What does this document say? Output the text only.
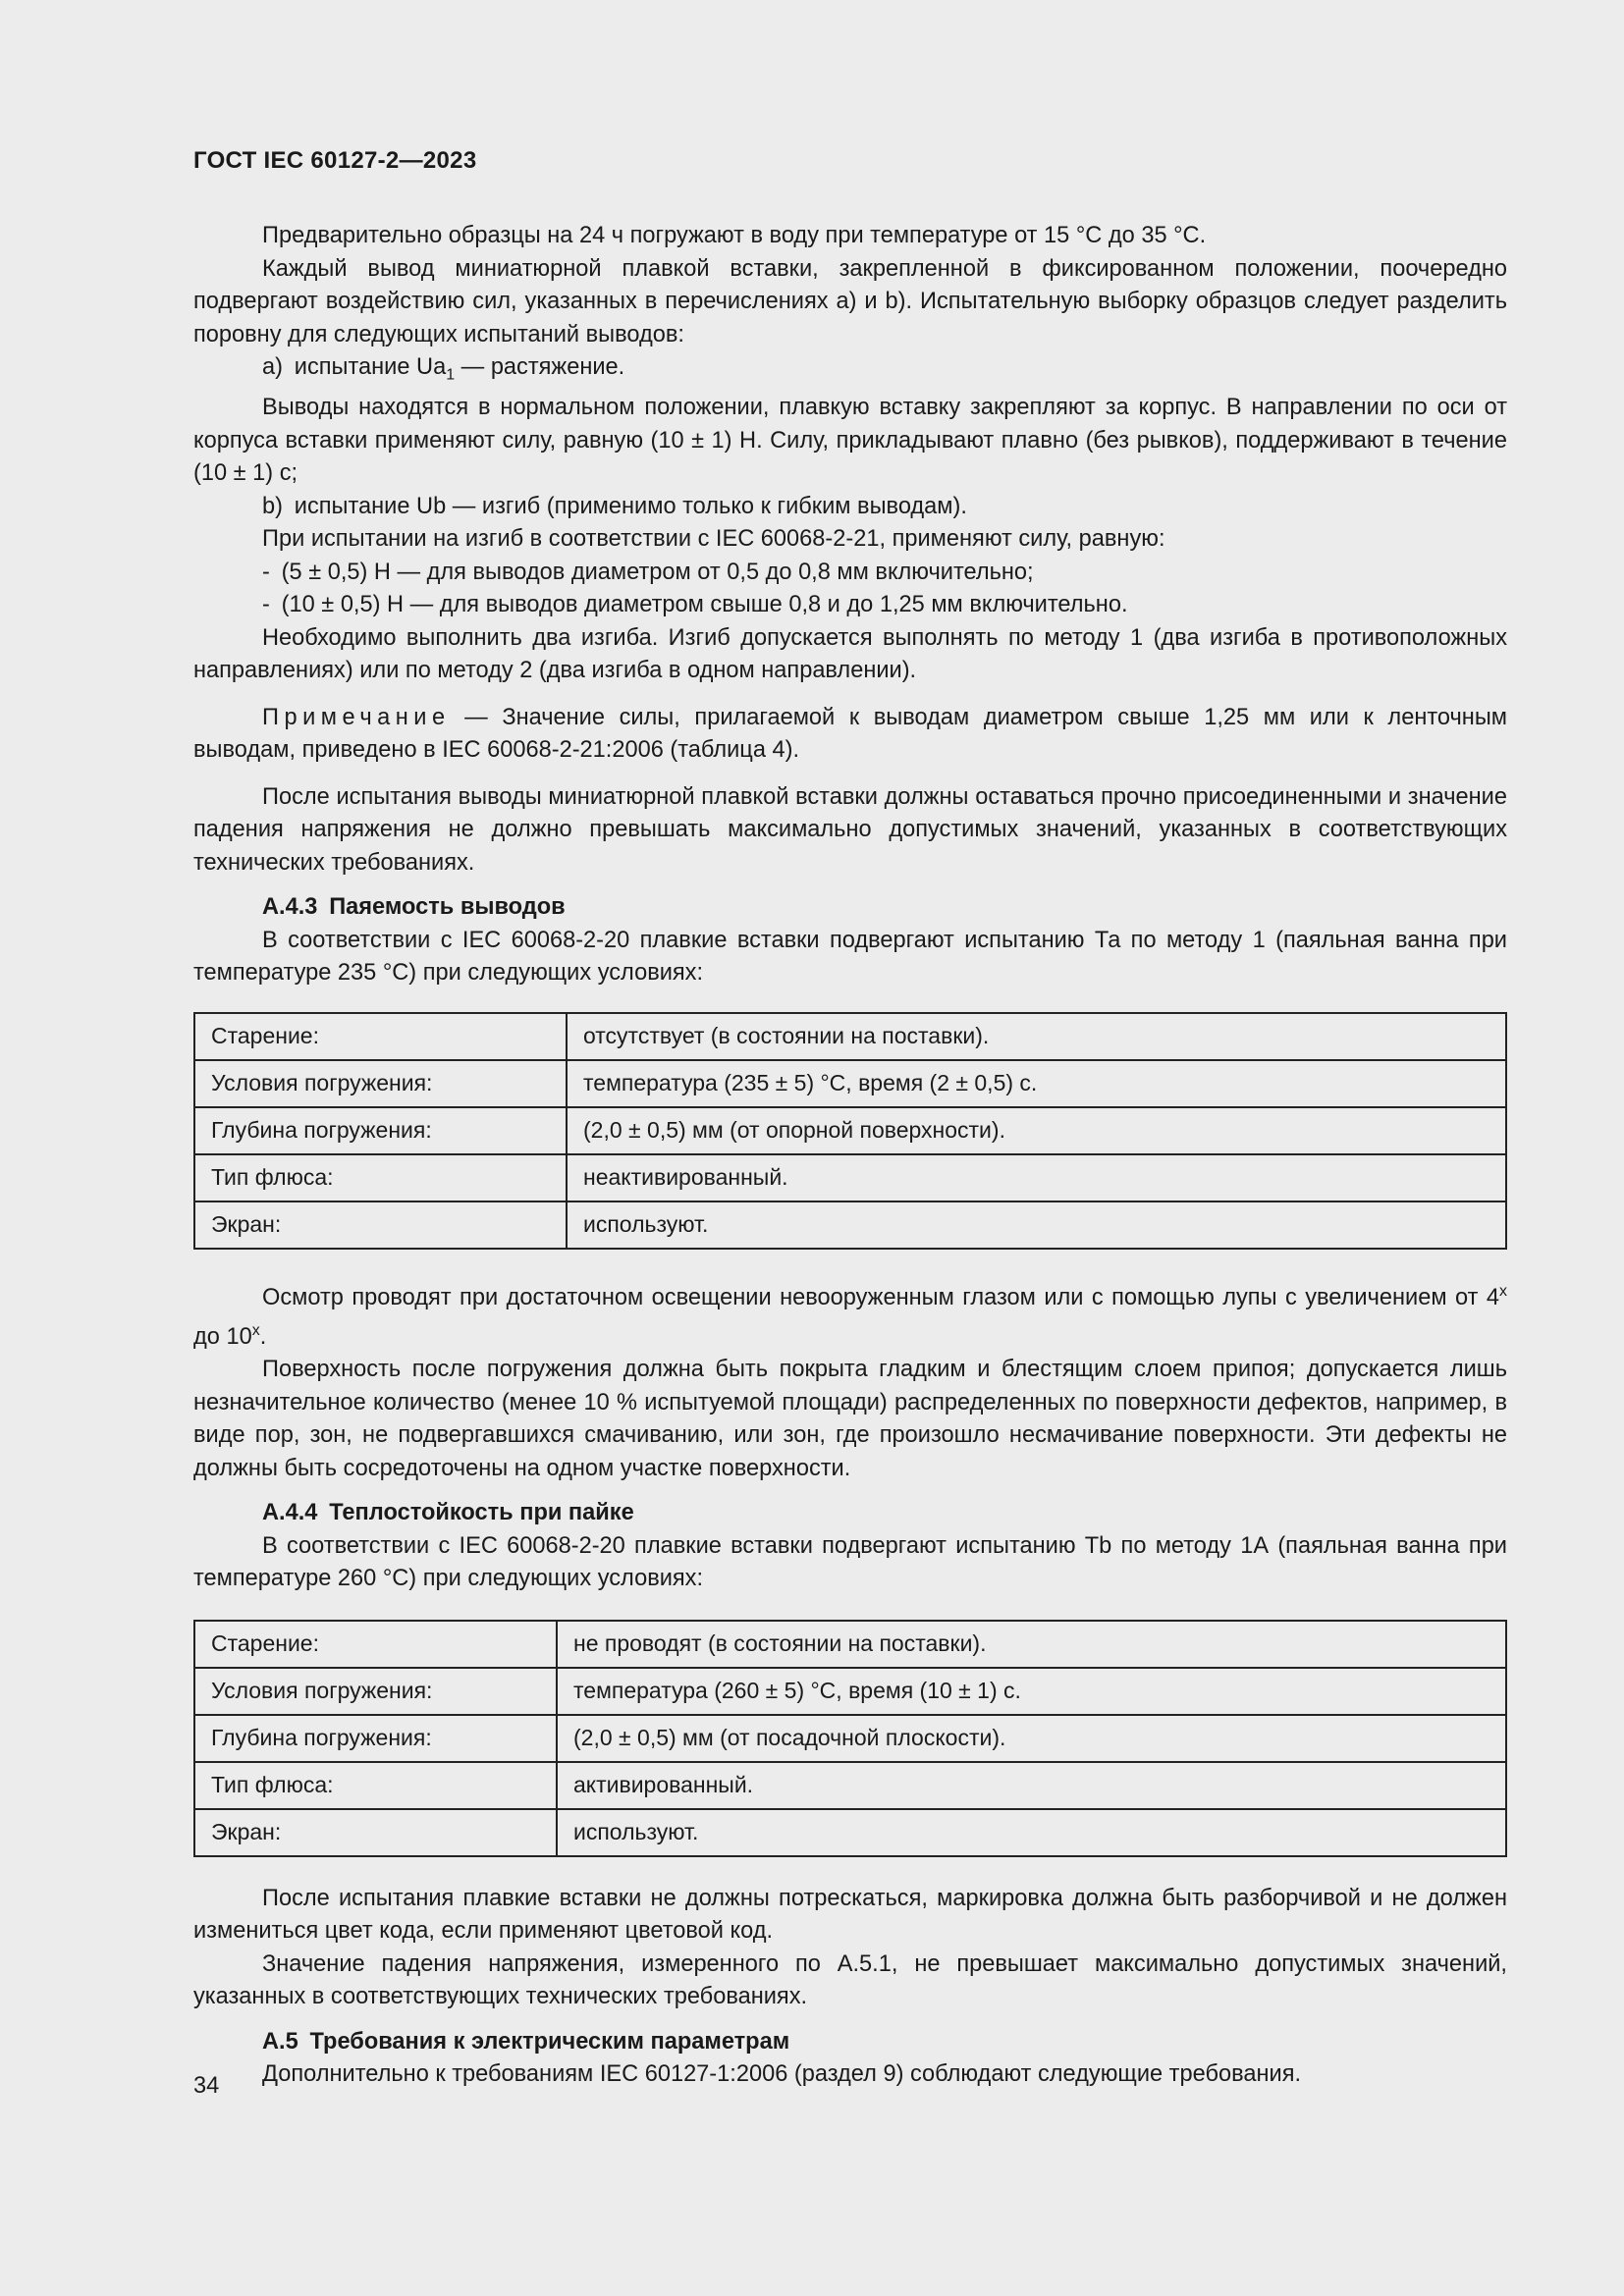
ГОСТ IEC 60127-2—2023

Предварительно образцы на 24 ч погружают в воду при температуре от 15 °С до 35 °С.

Каждый вывод миниатюрной плавкой вставки, закрепленной в фиксированном положении, поочередно подвергают воздействию сил, указанных в перечислениях а) и b). Испытательную выборку образцов следует разделить поровну для следующих испытаний выводов:

а) испытание $Ua_1$ — растяжение.

Выводы находятся в нормальном положении, плавкую вставку закрепляют за корпус. В направлении по оси от корпуса вставки применяют силу, равную (10 ± 1) Н. Силу, прикладывают плавно (без рывков), поддерживают в течение (10 ± 1) с;

b) испытание Ub — изгиб (применимо только к гибким выводам).

При испытании на изгиб в соответствии с IEC 60068-2-21, применяют силу, равную:

- (5 ± 0,5) Н — для выводов диаметром от 0,5 до 0,8 мм включительно;

- (10 ± 0,5) Н — для выводов диаметром свыше 0,8 и до 1,25 мм включительно.

Необходимо выполнить два изгиба. Изгиб допускается выполнять по методу 1 (два изгиба в противоположных направлениях) или по методу 2 (два изгиба в одном направлении).

Примечание — Значение силы, прилагаемой к выводам диаметром свыше 1,25 мм или к ленточным выводам, приведено в IEC 60068-2-21:2006 (таблица 4).

После испытания выводы миниатюрной плавкой вставки должны оставаться прочно присоединенными и значение падения напряжения не должно превышать максимально допустимых значений, указанных в соответствующих технических требованиях.

А.4.3 Паяемость выводов

В соответствии с IEC 60068-2-20 плавкие вставки подвергают испытанию Та по методу 1 (паяльная ванна при температуре 235 °С) при следующих условиях:

Старение:	отсутствует (в состоянии на поставки).
Условия погружения:	температура (235 ± 5) °С, время (2 ± 0,5) с.
Глубина погружения:	(2,0 ± 0,5) мм (от опорной поверхности).
Тип флюса:	неактивированный.
Экран:	используют.

Осмотр проводят при достаточном освещении невооруженным глазом или с помощью лупы с увеличением от $4^х$ до $10^х$.

Поверхность после погружения должна быть покрыта гладким и блестящим слоем припоя; допускается лишь незначительное количество (менее 10 % испытуемой площади) распределенных по поверхности дефектов, например, в виде пор, зон, не подвергавшихся смачиванию, или зон, где произошло несмачивание поверхности. Эти дефекты не должны быть сосредоточены на одном участке поверхности.

А.4.4 Теплостойкость при пайке

В соответствии с IEC 60068-2-20 плавкие вставки подвергают испытанию Tb по методу 1А (паяльная ванна при температуре 260 °С) при следующих условиях:

Старение:	не проводят (в состоянии на поставки).
Условия погружения:	температура (260 ± 5) °С, время (10 ± 1) с.
Глубина погружения:	(2,0 ± 0,5) мм (от посадочной плоскости).
Тип флюса:	активированный.
Экран:	используют.

После испытания плавкие вставки не должны потрескаться, маркировка должна быть разборчивой и не должен измениться цвет кода, если применяют цветовой код.

Значение падения напряжения, измеренного по А.5.1, не превышает максимально допустимых значений, указанных в соответствующих технических требованиях.

А.5 Требования к электрическим параметрам

Дополнительно к требованиям IEC 60127-1:2006 (раздел 9) соблюдают следующие требования.

34
